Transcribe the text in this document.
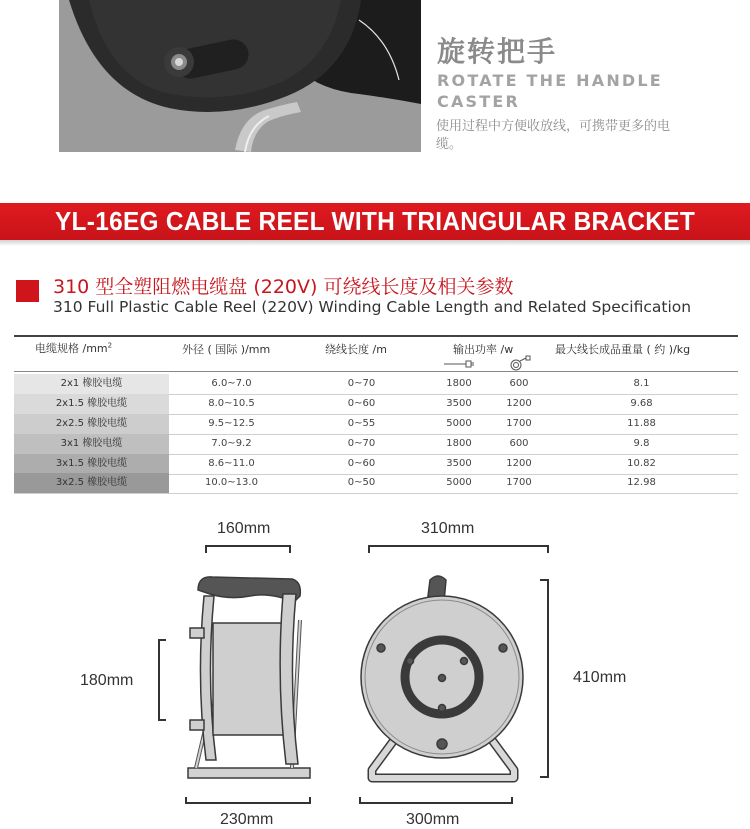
旋转把手
ROTATE THE HANDLE
CASTER
使用过程中方便收放线，可携带更多的电缆。
YL-16EG CABLE REEL WITH TRIANGULAR BRACKET
310 型全塑阻燃电缆盘 (220V) 可绕线长度及相关参数
310 Full Plastic Cable Reel (220V) Winding Cable Length and Related Specification
电缆规格 $/mm^2$	外径 ( 国际 )/mm	绕线长度 /m	输出功率 /w	最大线长成品重量 ( 约 )/kg
2x1 橡胶电缆	6.0~7.0	0~70	1800	600	8.1
2x1.5 橡胶电缆	8.0~10.5	0~60	3500	1200	9.68
2x2.5 橡胶电缆	9.5~12.5	0~55	5000	1700	11.88
3x1 橡胶电缆	7.0~9.2	0~70	1800	600	9.8
3x1.5 橡胶电缆	8.6~11.0	0~60	3500	1200	10.82
3x2.5 橡胶电缆	10.0~13.0	0~50	5000	1700	12.98
160mm
180mm
230mm
310mm
410mm
300mm
